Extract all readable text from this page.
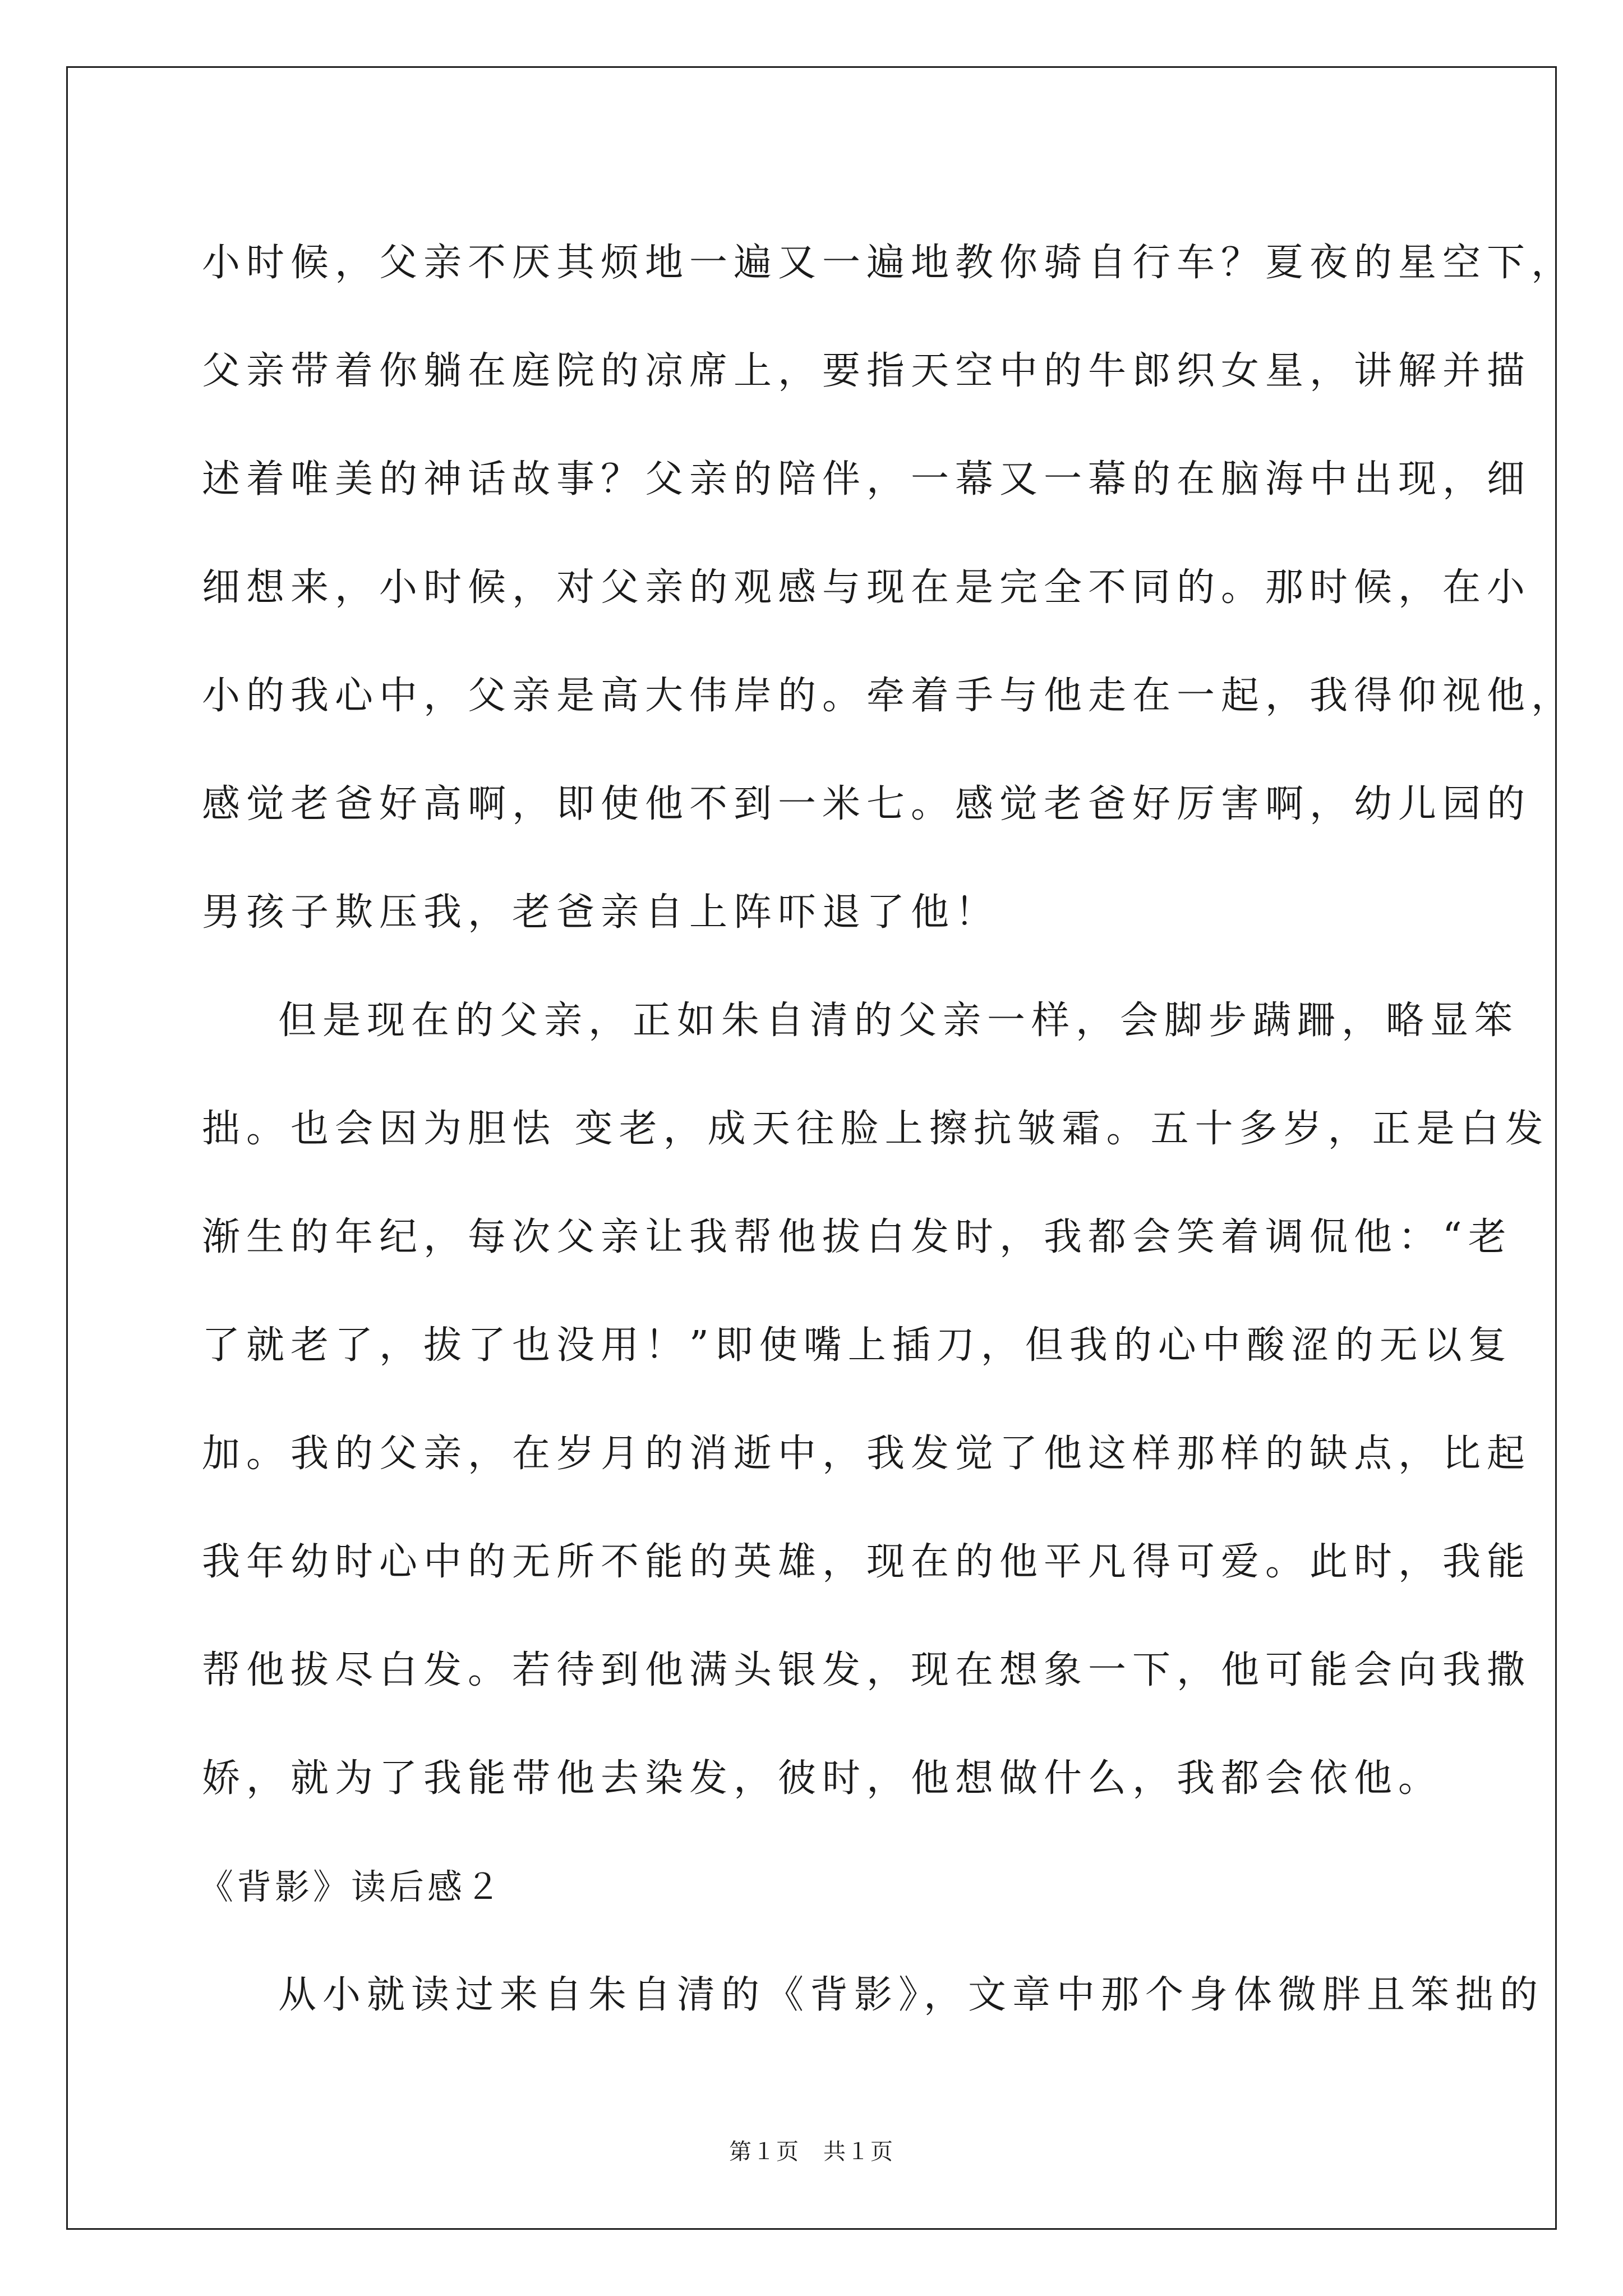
小时候，父亲不厌其烦地一遍又一遍地教你骑自行车？夏夜的星空下，
父亲带着你躺在庭院的凉席上，要指天空中的牛郎织女星，讲解并描
述着唯美的神话故事？父亲的陪伴，一幕又一幕的在脑海中出现，细
细想来，小时候，对父亲的观感与现在是完全不同的。那时候，在小
小的我心中，父亲是高大伟岸的。牵着手与他走在一起，我得仰视他，
感觉老爸好高啊，即使他不到一米七。感觉老爸好厉害啊，幼儿园的
男孩子欺压我，老爸亲自上阵吓退了他！
但是现在的父亲，正如朱自清的父亲一样，会脚步蹒跚，略显笨
拙。也会因为胆怯 变老，成天往脸上擦抗皱霜。五十多岁，正是白发
渐生的年纪，每次父亲让我帮他拔白发时，我都会笑着调侃他：“老
了就老了，拔了也没用！”即使嘴上插刀，但我的心中酸涩的无以复
加。我的父亲，在岁月的消逝中，我发觉了他这样那样的缺点，比起
我年幼时心中的无所不能的英雄，现在的他平凡得可爱。此时，我能
帮他拔尽白发。若待到他满头银发，现在想象一下，他可能会向我撒
娇，就为了我能带他去染发，彼时，他想做什么，我都会依他。
《背影》读后感２
从小就读过来自朱自清的《背影》，文章中那个身体微胖且笨拙的
第１页　共１页
